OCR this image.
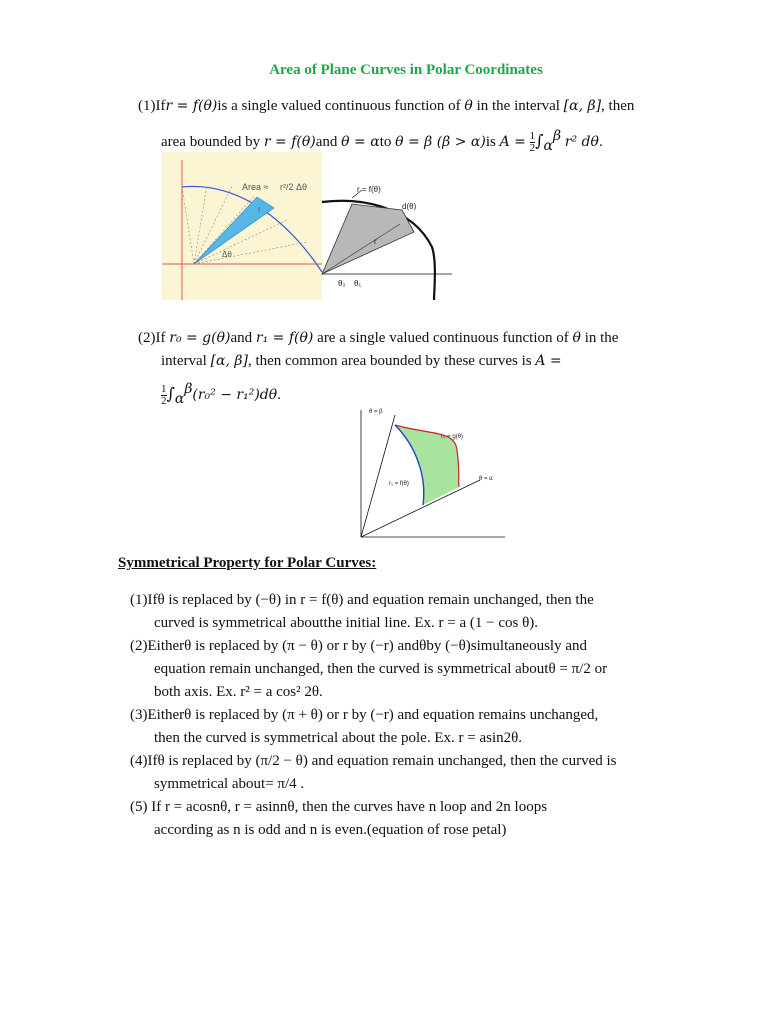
Area of Plane Curves in Polar Coordinates
(1)Ifr = f(θ)is a single valued continuous function of θ in the interval [α, β], then
area bounded by r = f(θ)and θ = αto θ = β (β > α)is $A = \frac{1}{2} \int_\alpha^\beta$ r² dθ.
Area ≈ r²/2 Δθ
r
Δθ
r = f(θ)
d(θ)
r
θ₂ θ₁
(2)If r₀ = g(θ)and r₁ = f(θ) are a single valued continuous function of θ in the
interval [α, β], then common area bounded by these curves is A =
$\frac{1}{2} \int_\alpha^\beta(r_0^2 - r_1^2)d\theta$.
θ = β
r₀ = g(θ)
r₁ = f(θ)
θ = α
Symmetrical Property for Polar Curves:
(1)Ifθ is replaced by (−θ) in r = f(θ) and equation remain unchanged, then the
curved is symmetrical aboutthe initial line. Ex. r = a (1 − cos θ).
(2)Eitherθ is replaced by (π − θ) or r by (−r) andθby (−θ)simultaneously and
equation remain unchanged, then the curved is symmetrical aboutθ = π/2 or
both axis. Ex. r² = a cos² 2θ.
(3)Eitherθ is replaced by (π + θ) or r by (−r) and equation remains unchanged,
then the curved is symmetrical about the pole. Ex. r = asin2θ.
(4)Ifθ is replaced by (π/2 − θ) and equation remain unchanged, then the curved is
symmetrical about= π/4 .
(5) If r = acosnθ, r = asinnθ, then the curves have n loop and 2n loops
according as n is odd and n is even.(equation of rose petal)
